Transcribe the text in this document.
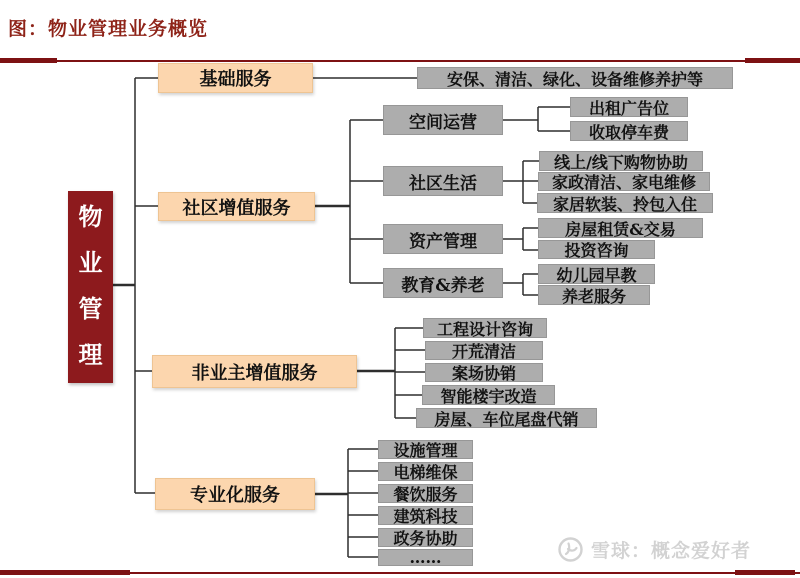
图：物业管理业务概览
物业管理
基础服务
社区增值服务
非业主增值服务
专业化服务
安保、清洁、绿化、设备维修养护等
空间运营
社区生活
资产管理
教育&养老
出租广告位
收取停车费
线上/线下购物协助
家政清洁、家电维修
家居软装、拎包入住
房屋租赁&交易
投资咨询
幼儿园早教
养老服务
工程设计咨询
开荒清洁
案场协销
智能楼宇改造
房屋、车位尾盘代销
设施管理
电梯维保
餐饮服务
建筑科技
政务协助
……	雪球：概念爱好者
